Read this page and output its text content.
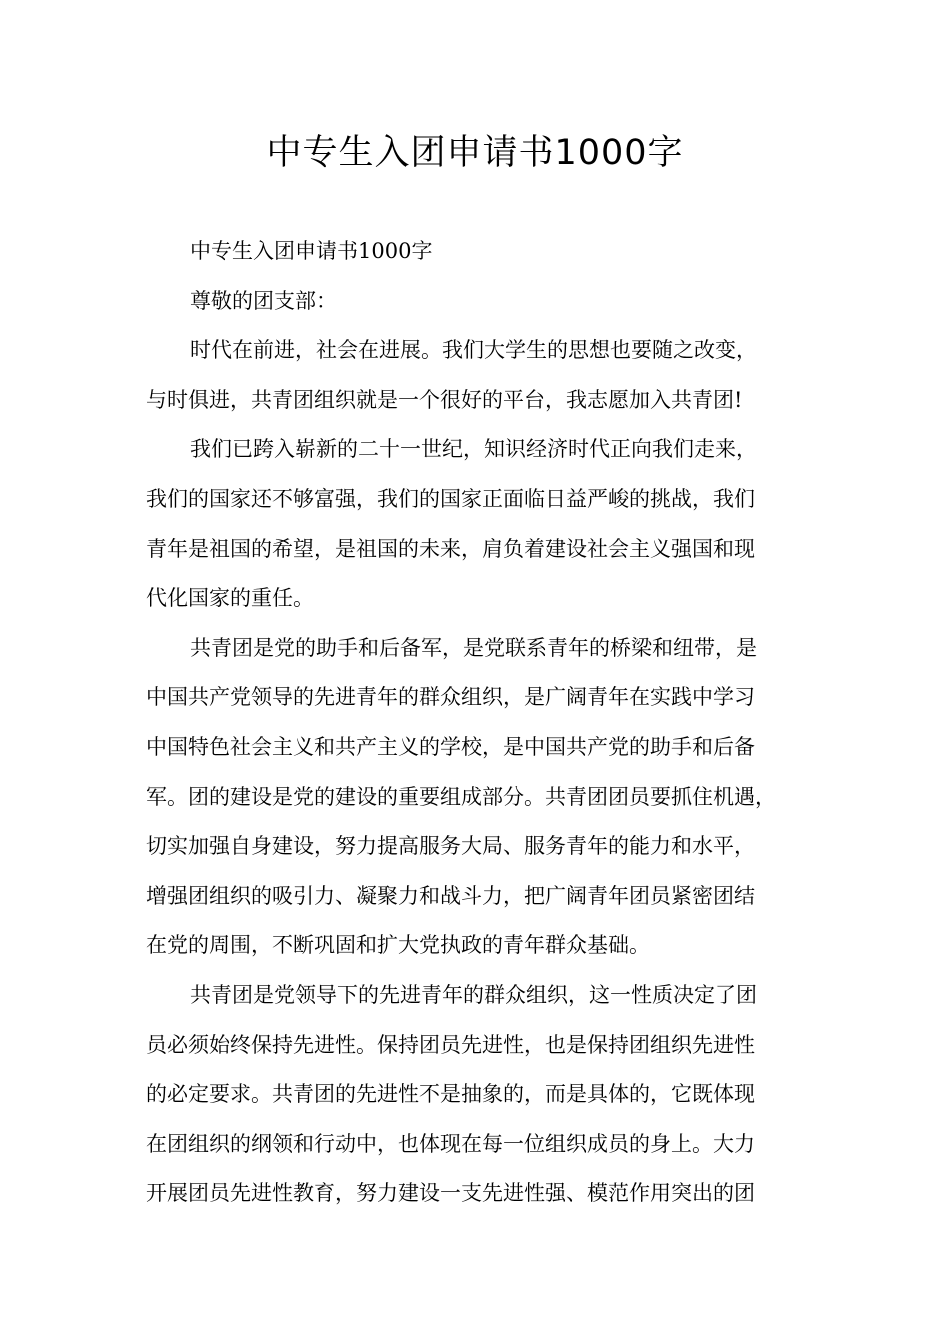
中专生入团申请书1000字
中专生入团申请书1000字
尊敬的团支部：
时代在前进，社会在进展。我们大学生的思想也要随之改变，
与时俱进，共青团组织就是一个很好的平台，我志愿加入共青团!
我们已跨入崭新的二十一世纪，知识经济时代正向我们走来，
我们的国家还不够富强，我们的国家正面临日益严峻的挑战，我们
青年是祖国的希望，是祖国的未来，肩负着建设社会主义强国和现
代化国家的重任。
共青团是党的助手和后备军，是党联系青年的桥梁和纽带，是
中国共产党领导的先进青年的群众组织，是广阔青年在实践中学习
中国特色社会主义和共产主义的学校，是中国共产党的助手和后备
军。团的建设是党的建设的重要组成部分。共青团团员要抓住机遇，
切实加强自身建设，努力提高服务大局、服务青年的能力和水平，
增强团组织的吸引力、凝聚力和战斗力，把广阔青年团员紧密团结
在党的周围，不断巩固和扩大党执政的青年群众基础。
共青团是党领导下的先进青年的群众组织，这一性质决定了团
员必须始终保持先进性。保持团员先进性，也是保持团组织先进性
的必定要求。共青团的先进性不是抽象的，而是具体的，它既体现
在团组织的纲领和行动中，也体现在每一位组织成员的身上。大力
开展团员先进性教育，努力建设一支先进性强、模范作用突出的团
